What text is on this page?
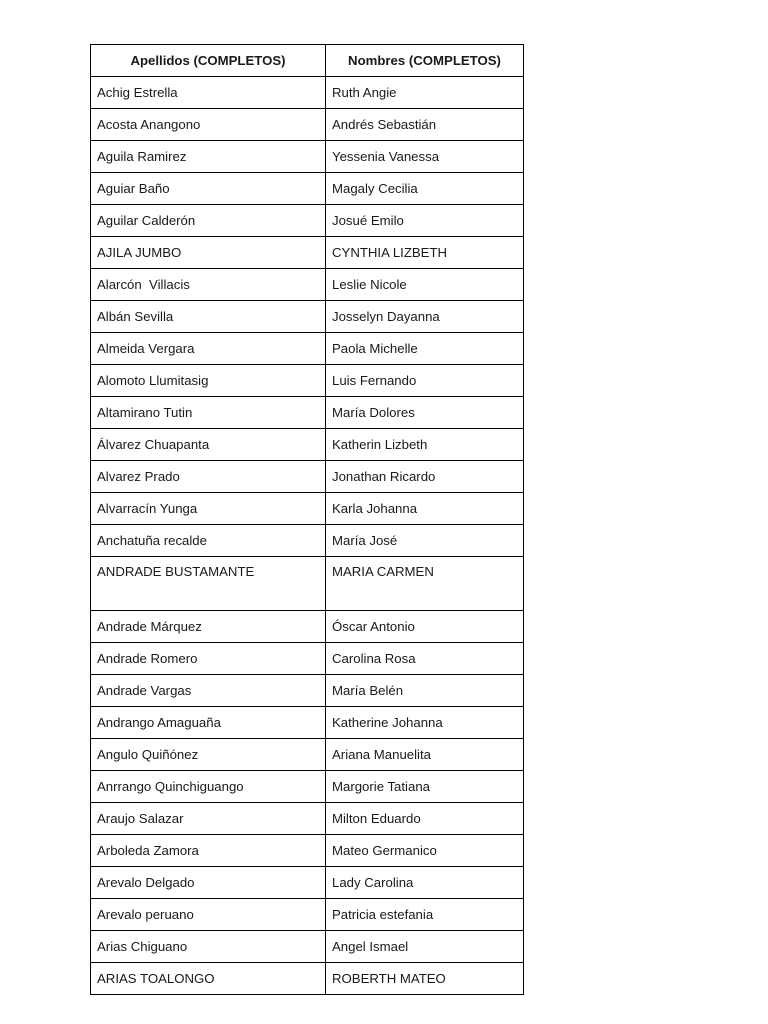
Apellidos (COMPLETOS)	Nombres (COMPLETOS)
Achig Estrella	Ruth Angie
Acosta Anangono	Andrés Sebastián
Aguila Ramirez	Yessenia Vanessa
Aguiar Baño	Magaly Cecilia
Aguilar Calderón	Josué Emilo
AJILA JUMBO	CYNTHIA LIZBETH
Alarcón  Villacis	Leslie Nicole
Albán Sevilla	Josselyn Dayanna
Almeida Vergara	Paola Michelle
Alomoto Llumitasig	Luis Fernando
Altamirano Tutin	María Dolores
Álvarez Chuapanta	Katherin Lizbeth
Alvarez Prado	Jonathan Ricardo
Alvarracín Yunga	Karla Johanna
Anchatuña recalde	María José
ANDRADE BUSTAMANTE	MARIA CARMEN
Andrade Márquez	Óscar Antonio
Andrade Romero	Carolina Rosa
Andrade Vargas	María Belén
Andrango Amaguaña	Katherine Johanna
Angulo Quiñónez	Ariana Manuelita
Anrrango Quinchiguango	Margorie Tatiana
Araujo Salazar	Milton Eduardo
Arboleda Zamora	Mateo Germanico
Arevalo Delgado	Lady Carolina
Arevalo peruano	Patricia estefania
Arias Chiguano	Angel Ismael
ARIAS TOALONGO	ROBERTH MATEO
